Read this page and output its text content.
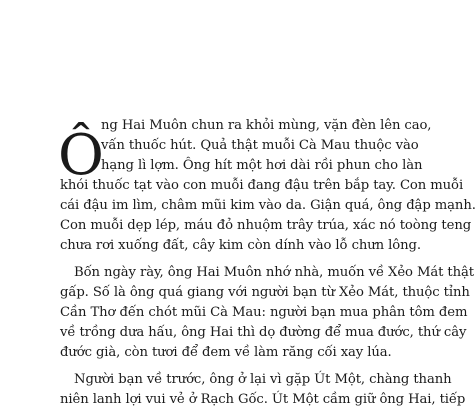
Ô
ng Hai Muôn chun ra khỏi mùng, vặn đèn lên cao,
vấn thuốc hút. Quả thật muỗi Cà Mau thuộc vào
hạng lì lợm. Ông hít một hơi dài rồi phun cho làn
khói thuốc tạt vào con muỗi đang đậu trên bắp tay. Con muỗi
cái đậu im lìm, châm mũi kim vào da. Giận quá, ông đập mạnh.
Con muỗi dẹp lép, máu đỏ nhuộm trây trúa, xác nó toòng teng
chưa rơi xuống đất, cây kim còn dính vào lỗ chưn lông.
Bốn ngày rày, ông Hai Muôn nhớ nhà, muốn về Xẻo Mát thật
gấp. Số là ông quá giang với người bạn từ Xẻo Mát, thuộc tỉnh
Cần Thơ đến chót mũi Cà Mau: người bạn mua phân tôm đem
về trồng dưa hấu, ông Hai thì dọ đường để mua đước, thứ cây
đước già, còn tươi để đem về làm răng cối xay lúa.
Người bạn về trước, ông ở lại vì gặp Út Một, chàng thanh
niên lanh lợi vui vẻ ở Rạch Gốc. Út Một cầm giữ ông Hai, tiếp
